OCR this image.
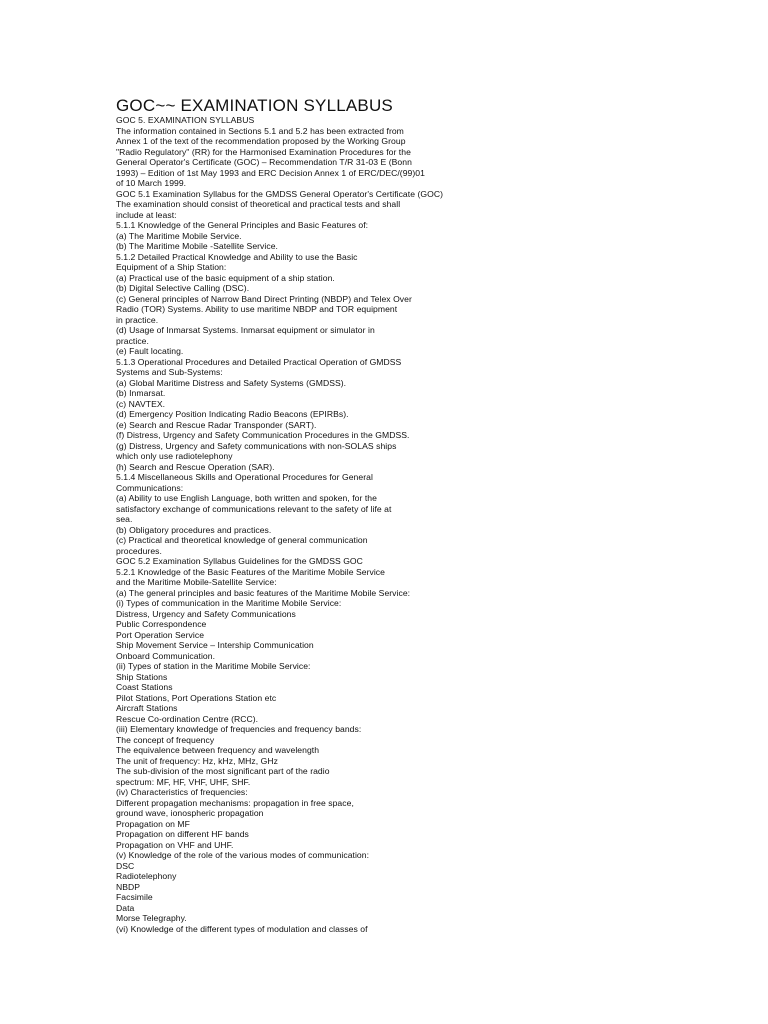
GOC~~ EXAMINATION SYLLABUS
GOC 5. EXAMINATION SYLLABUS
The information contained in Sections 5.1 and 5.2 has been extracted from
Annex 1 of the text of the recommendation proposed by the Working Group
"Radio Regulatory" (RR) for the Harmonised Examination Procedures for the
General Operator's Certificate (GOC) – Recommendation T/R 31-03 E (Bonn
1993) – Edition of 1st May 1993 and ERC Decision Annex 1 of ERC/DEC/(99)01
of 10 March 1999.
GOC 5.1 Examination Syllabus for the GMDSS General Operator's Certificate (GOC)
The examination should consist of theoretical and practical tests and shall
include at least:
5.1.1 Knowledge of the General Principles and Basic Features of:
(a) The Maritime Mobile Service.
(b) The Maritime Mobile -Satellite Service.
5.1.2 Detailed Practical Knowledge and Ability to use the Basic
Equipment of a Ship Station:
(a) Practical use of the basic equipment of a ship station.
(b) Digital Selective Calling (DSC).
(c) General principles of Narrow Band Direct Printing (NBDP) and Telex Over
Radio (TOR) Systems. Ability to use maritime NBDP and TOR equipment
in practice.
(d) Usage of Inmarsat Systems. Inmarsat equipment or simulator in
practice.
(e) Fault locating.
5.1.3 Operational Procedures and Detailed Practical Operation of GMDSS
Systems and Sub-Systems:
(a) Global Maritime Distress and Safety Systems (GMDSS).
(b) Inmarsat.
(c) NAVTEX.
(d) Emergency Position Indicating Radio Beacons (EPIRBs).
(e) Search and Rescue Radar Transponder (SART).
(f) Distress, Urgency and Safety Communication Procedures in the GMDSS.
(g) Distress, Urgency and Safety communications with non-SOLAS ships
which only use radiotelephony
(h) Search and Rescue Operation (SAR).
5.1.4 Miscellaneous Skills and Operational Procedures for General
Communications:
(a) Ability to use English Language, both written and spoken, for the
satisfactory exchange of communications relevant to the safety of life at
sea.
(b) Obligatory procedures and practices.
(c) Practical and theoretical knowledge of general communication
procedures.
GOC 5.2 Examination Syllabus Guidelines for the GMDSS GOC
5.2.1 Knowledge of the Basic Features of the Maritime Mobile Service
and the Maritime Mobile-Satellite Service:
(a) The general principles and basic features of the Maritime Mobile Service:
(i) Types of communication in the Maritime Mobile Service:
Distress, Urgency and Safety Communications
Public Correspondence
Port Operation Service
Ship Movement Service – Intership Communication
Onboard Communication.
(ii) Types of station in the Maritime Mobile Service:
Ship Stations
Coast Stations
Pilot Stations, Port Operations Station etc
Aircraft Stations
Rescue Co-ordination Centre (RCC).
(iii) Elementary knowledge of frequencies and frequency bands:
The concept of frequency
The equivalence between frequency and wavelength
The unit of frequency: Hz, kHz, MHz, GHz
The sub-division of the most significant part of the radio
spectrum: MF, HF, VHF, UHF, SHF.
(iv) Characteristics of frequencies:
Different propagation mechanisms: propagation in free space,
ground wave, ionospheric propagation
Propagation on MF
Propagation on different HF bands
Propagation on VHF and UHF.
(v) Knowledge of the role of the various modes of communication:
DSC
Radiotelephony
NBDP
Facsimile
Data
Morse Telegraphy.
(vi) Knowledge of the different types of modulation and classes of
